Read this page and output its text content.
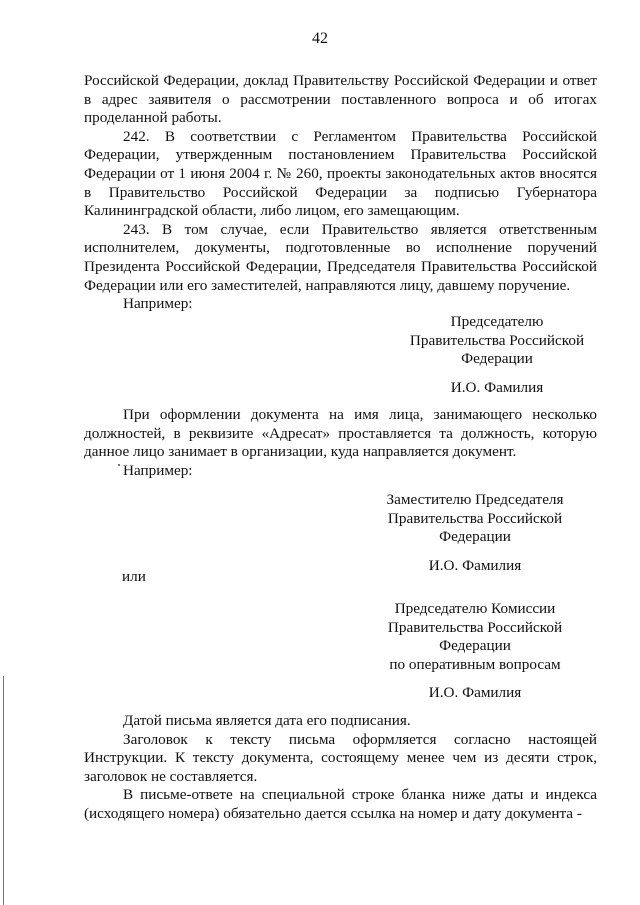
42

Российской Федерации, доклад Правительству Российской Федерации и ответ в адрес заявителя о рассмотрении поставленного вопроса и об итогах проделанной работы.

242. В соответствии с Регламентом Правительства Российской Федерации, утвержденным постановлением Правительства Российской Федерации от 1 июня 2004 г. № 260, проекты законодательных актов вносятся в Правительство Российской Федерации за подписью Губернатора Калининградской области, либо лицом, его замещающим.

243. В том случае, если Правительство является ответственным исполнителем, документы, подготовленные во исполнение поручений Президента Российской Федерации, Председателя Правительства Российской Федерации или его заместителей, направляются лицу, давшему поручение.

Например:

Председателю
Правительства Российской
Федерации
И.О. Фамилия

При оформлении документа на имя лица, занимающего несколько должностей, в реквизите «Адресат» проставляется та должность, которую данное лицо занимает в организации, куда направляется документ.

Например:

Заместителю Председателя
Правительства Российской
Федерации
И.О. Фамилия
или
Председателю Комиссии
Правительства Российской
Федерации
по оперативным вопросам
И.О. Фамилия

Датой письма является дата его подписания.

Заголовок к тексту письма оформляется согласно настоящей Инструкции. К тексту документа, состоящему менее чем из десяти строк, заголовок не составляется.

В письме-ответе на специальной строке бланка ниже даты и индекса (исходящего номера) обязательно дается ссылка на номер и дату документа -
